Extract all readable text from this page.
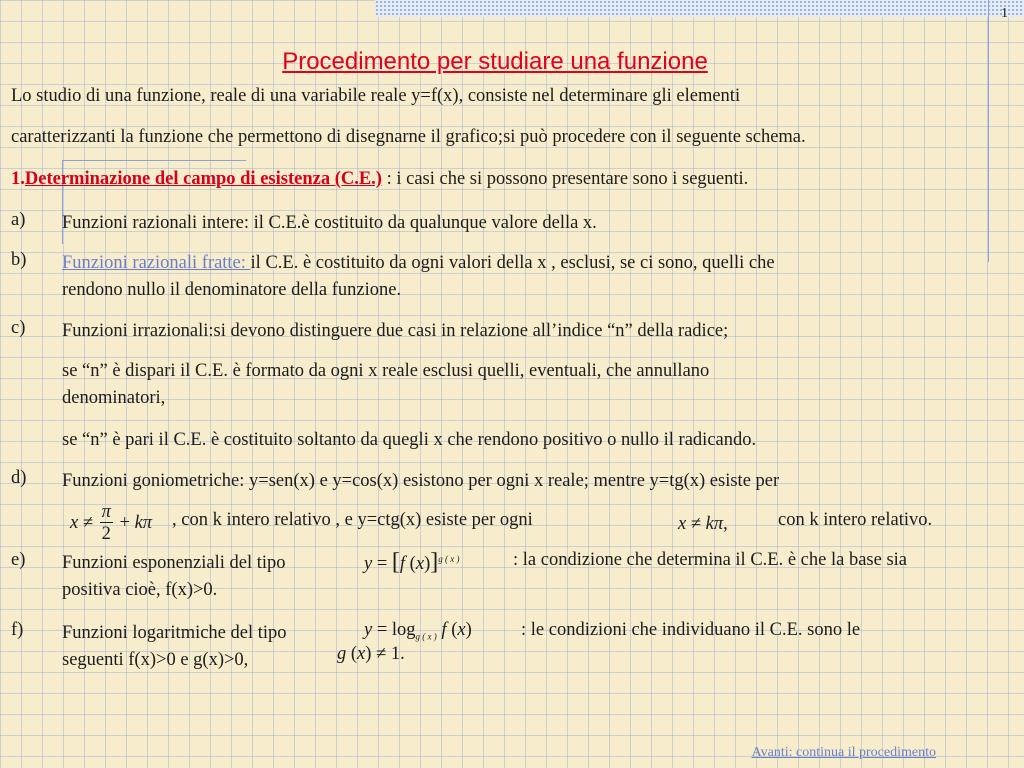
1
Procedimento per studiare una funzione
Lo studio di una funzione, reale di una variabile reale y=f(x), consiste nel determinare gli elementi
caratterizzanti la funzione che permettono di disegnarne il grafico;si può procedere con il seguente schema.
1.Determinazione del campo di esistenza (C.E.) : i casi che si possono presentare sono i seguenti.
a) Funzioni razionali intere: il C.E.è costituito da qualunque valore della x.
b) Funzioni razionali fratte: il C.E. è costituito da ogni valori della x , esclusi, se ci sono, quelli che
rendono nullo il denominatore della funzione.
c) Funzioni irrazionali:si devono distinguere due casi in relazione all’indice “n” della radice;
se “n” è dispari il C.E. è formato da ogni x reale esclusi quelli, eventuali, che annullano
denominatori,
se “n” è pari il C.E. è costituito soltanto da quegli x che rendono positivo o nullo il radicando.
d) Funzioni goniometriche: y=sen(x) e y=cos(x) esistono per ogni x reale; mentre y=tg(x) esiste per
$x \ne \frac{\pi}{2} + k\pi$ , con k intero relativo , e y=ctg(x) esiste per ogni	x ≠ kπ,	con k intero relativo.
e) Funzioni esponenziali del tipo
positiva cioè, f(x)>0.
y = [f (x)]$^{g ( x )}$	: la condizione che determina il C.E. è che la base sia
f) Funzioni logaritmiche del tipo
seguenti f(x)>0 e g(x)>0,
$y = \log_{g ( x )} f$ (x)	: le condizioni che individuano il C.E. sono le
g (x) ≠ 1.
Avanti: continua il procedimento
